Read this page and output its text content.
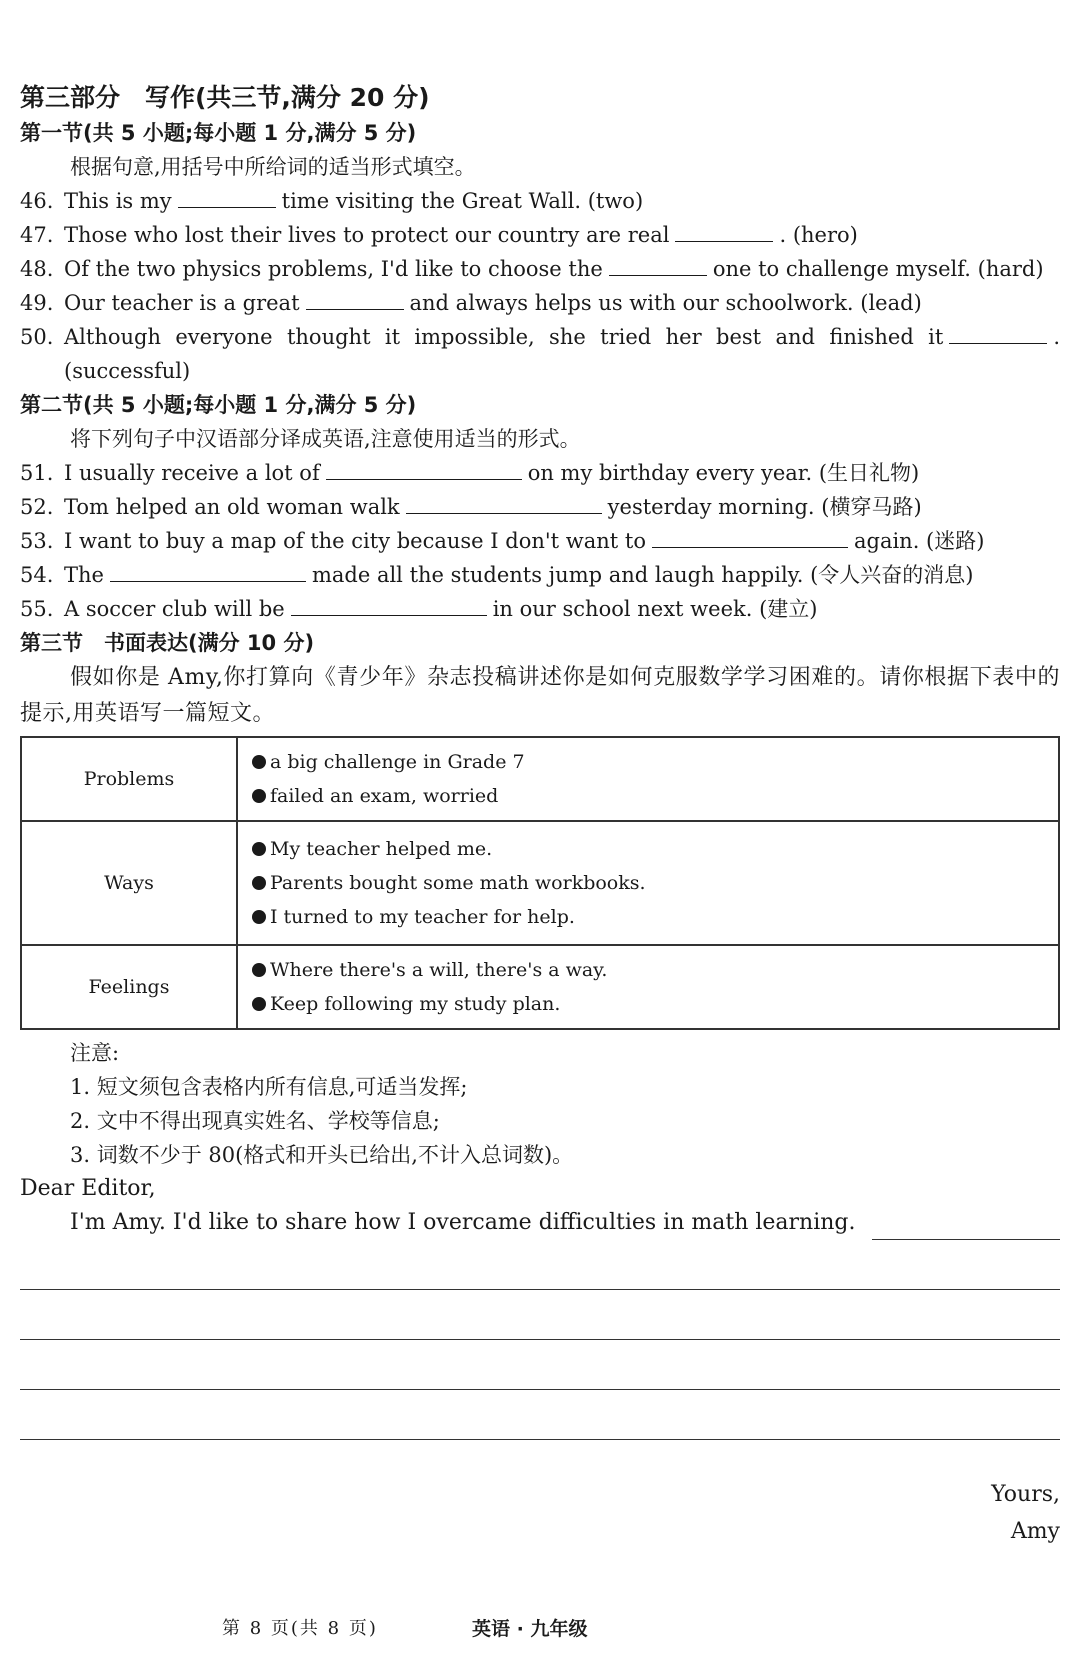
第三部分　写作(共三节,满分 20 分)

第一节(共 5 小题;每小题 1 分,满分 5 分)

根据句意,用括号中所给词的适当形式填空。

46. This is my	time visiting the Great Wall. (two)
47. Those who lost their lives to protect our country are real	. (hero)
48. Of the two physics problems, I'd like to choose the	one to challenge myself. (hard)
49. Our teacher is a great	and always helps us with our schoolwork. (lead)
50. Although everyone thought it impossible, she tried her best and finished it	. (successful)

第二节(共 5 小题;每小题 1 分,满分 5 分)

将下列句子中汉语部分译成英语,注意使用适当的形式。

51. I usually receive a lot of	on my birthday every year. (生日礼物)
52. Tom helped an old woman walk	yesterday morning. (横穿马路)
53. I want to buy a map of the city because I don't want to	again. (迷路)
54. The	made all the students jump and laugh happily. (令人兴奋的消息)
55. A soccer club will be	in our school next week. (建立)

第三节　书面表达(满分 10 分)

假如你是 Amy,你打算向《青少年》杂志投稿讲述你是如何克服数学学习困难的。请你根据下表中的提示,用英语写一篇短文。

Problems	a big challenge in Grade 7
failed an exam, worried

Ways	My teacher helped me.
Parents bought some math workbooks.
I turned to my teacher for help.

Feelings	Where there's a will, there's a way.
Keep following my study plan.

注意:

1. 短文须包含表格内所有信息,可适当发挥;

2. 文中不得出现真实姓名、学校等信息;

3. 词数不少于 80(格式和开头已给出,不计入总词数)。

Dear Editor,

I'm Amy. I'd like to share how I overcame difficulties in math learning.
Yours,
Amy
第 8 页(共 8 页)	英语 · 九年级
